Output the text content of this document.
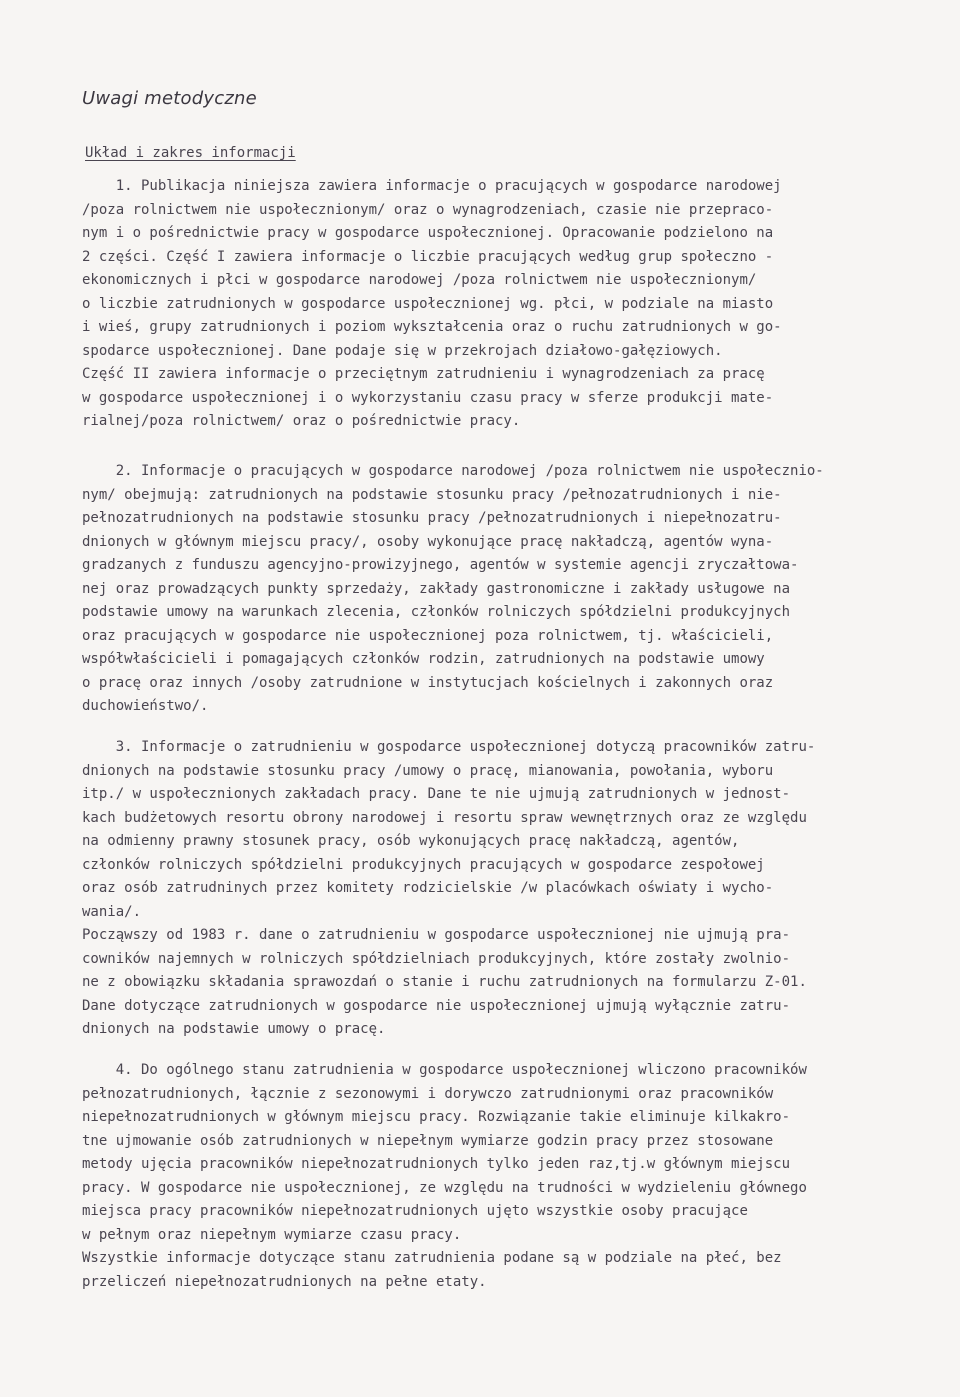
Uwagi metodyczne
Układ i zakres informacji
1. Publikacja niniejsza zawiera informacje o pracujących w gospodarce narodowej
/poza rolnictwem nie uspołecznionym/ oraz o wynagrodzeniach, czasie nie przepraco-
nym i o pośrednictwie pracy w gospodarce uspołecznionej. Opracowanie podzielono na
2 części. Część I zawiera informacje o liczbie pracujących według grup społeczno -
ekonomicznych i płci w gospodarce narodowej /poza rolnictwem nie uspołecznionym/
o liczbie zatrudnionych w gospodarce uspołecznionej wg. płci, w podziale na miasto
i wieś, grupy zatrudnionych i poziom wykształcenia oraz o ruchu zatrudnionych w go-
spodarce uspołecznionej. Dane podaje się w przekrojach działowo-gałęziowych.
Część II zawiera informacje o przeciętnym zatrudnieniu i wynagrodzeniach za pracę
w gospodarce uspołecznionej i o wykorzystaniu czasu pracy w sferze produkcji mate-
rialnej/poza rolnictwem/ oraz o pośrednictwie pracy.
2. Informacje o pracujących w gospodarce narodowej /poza rolnictwem nie uspołecznio-
nym/ obejmują: zatrudnionych na podstawie stosunku pracy /pełnozatrudnionych i nie-
pełnozatrudnionych na podstawie stosunku pracy /pełnozatrudnionych i niepełnozatru-
dnionych w głównym miejscu pracy/, osoby wykonujące pracę nakładczą, agentów wyna-
gradzanych z funduszu agencyjno-prowizyjnego, agentów w systemie agencji zryczałtowa-
nej oraz prowadzących punkty sprzedaży, zakłady gastronomiczne i zakłady usługowe na
podstawie umowy na warunkach zlecenia, członków rolniczych spółdzielni produkcyjnych
oraz pracujących w gospodarce nie uspołecznionej poza rolnictwem, tj. właścicieli,
współwłaścicieli i pomagających członków rodzin, zatrudnionych na podstawie umowy
o pracę oraz innych /osoby zatrudnione w instytucjach kościelnych i zakonnych oraz
duchowieństwo/.
3. Informacje o zatrudnieniu w gospodarce uspołecznionej dotyczą pracowników zatru-
dnionych na podstawie stosunku pracy /umowy o pracę, mianowania, powołania, wyboru
itp./ w uspołecznionych zakładach pracy. Dane te nie ujmują zatrudnionych w jednost-
kach budżetowych resortu obrony narodowej i resortu spraw wewnętrznych oraz ze względu
na odmienny prawny stosunek pracy, osób wykonujących pracę nakładczą, agentów,
członków rolniczych spółdzielni produkcyjnych pracujących w gospodarce zespołowej
oraz osób zatrudninych przez komitety rodzicielskie /w placówkach oświaty i wycho-
wania/.
Począwszy od 1983 r. dane o zatrudnieniu w gospodarce uspołecznionej nie ujmują pra-
cowników najemnych w rolniczych spółdzielniach produkcyjnych, które zostały zwolnio-
ne z obowiązku składania sprawozdań o stanie i ruchu zatrudnionych na formularzu Z-01.
Dane dotyczące zatrudnionych w gospodarce nie uspołecznionej ujmują wyłącznie zatru-
dnionych na podstawie umowy o pracę.
4. Do ogólnego stanu zatrudnienia w gospodarce uspołecznionej wliczono pracowników
pełnozatrudnionych, łącznie z sezonowymi i dorywczo zatrudnionymi oraz pracowników
niepełnozatrudnionych w głównym miejscu pracy. Rozwiązanie takie eliminuje kilkakro-
tne ujmowanie osób zatrudnionych w niepełnym wymiarze godzin pracy przez stosowane
metody ujęcia pracowników niepełnozatrudnionych tylko jeden raz,tj.w głównym miejscu
pracy. W gospodarce nie uspołecznionej, ze względu na trudności w wydzieleniu głównego
miejsca pracy pracowników niepełnozatrudnionych ujęto wszystkie osoby pracujące
w pełnym oraz niepełnym wymiarze czasu pracy.
Wszystkie informacje dotyczące stanu zatrudnienia podane są w podziale na płeć, bez
przeliczeń niepełnozatrudnionych na pełne etaty.
